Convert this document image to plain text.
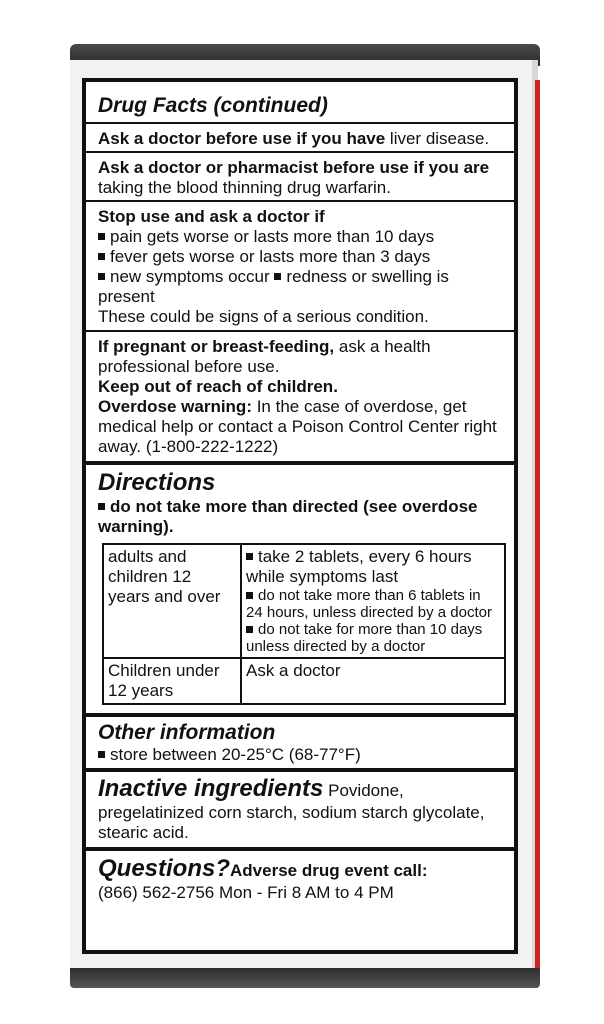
Drug Facts (continued)
Ask a doctor before use if you have liver disease.
Ask a doctor or pharmacist before use if you are taking the blood thinning drug warfarin.
Stop use and ask a doctor if
pain gets worse or lasts more than 10 days
fever gets worse or lasts more than 3 days
new symptoms occur redness or swelling is present
These could be signs of a serious condition.
If pregnant or breast-feeding, ask a health professional before use.
Keep out of reach of children.
Overdose warning: In the case of overdose, get medical help or contact a Poison Control Center right away. (1-800-222-1222)
Directions
do not take more than directed (see overdose warning).
adults and children 12 years and over	take 2 tablets, every 6 hours while symptoms last
do not take more than 6 tablets in 24 hours, unless directed by a doctor
do not take for more than 10 days unless directed by a doctor

Children under 12 years	Ask a doctor
Other information
store between 20-25°C (68-77°F)
Inactive ingredients Povidone, pregelatinized corn starch, sodium starch glycolate, stearic acid.
Questions?Adverse drug event call:
(866) 562-2756 Mon - Fri 8 AM to 4 PM
